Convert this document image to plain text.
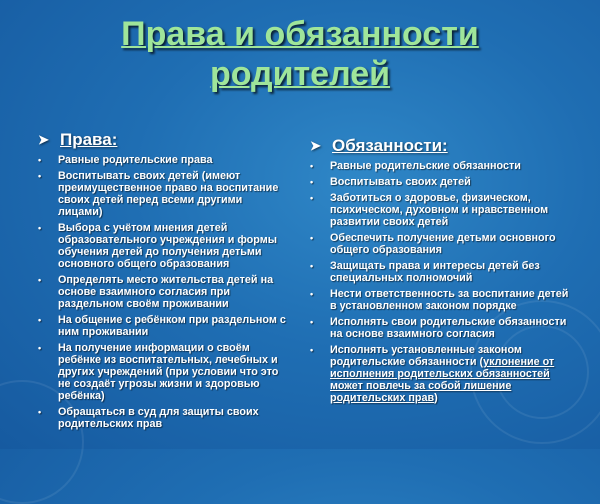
Права и обязанности
родителей
➤ Права:
• Равные родительские права
• Воспитывать своих детей (имеют преимущественное право на воспитание своих детей перед всеми другими лицами)
• Выбора с учётом мнения детей образовательного учреждения и формы обучения детей до получения детьми основного общего образования
• Определять место жительства детей на основе взаимного согласия при раздельном своём проживании
• На общение с ребёнком при раздельном с ним проживании
• На получение информации о своём ребёнке из воспитательных, лечебных и других учреждений (при условии что это не создаёт угрозы жизни и здоровью ребёнка)
• Обращаться в суд для защиты своих родительских прав
➤ Обязанности:
• Равные родительские обязанности
• Воспитывать своих детей
• Заботиться о здоровье, физическом, психическом, духовном и нравственном развитии своих детей
• Обеспечить получение детьми основного общего образования
• Защищать права и интересы детей без специальных полномочий
• Нести ответственность за воспитание детей в установленном законом порядке
• Исполнять свои родительские обязанности на основе взаимного согласия
• Исполнять установленные законом родительские обязанности (уклонение от исполнения родительских обязанностей может повлечь за собой лишение родительских прав)
